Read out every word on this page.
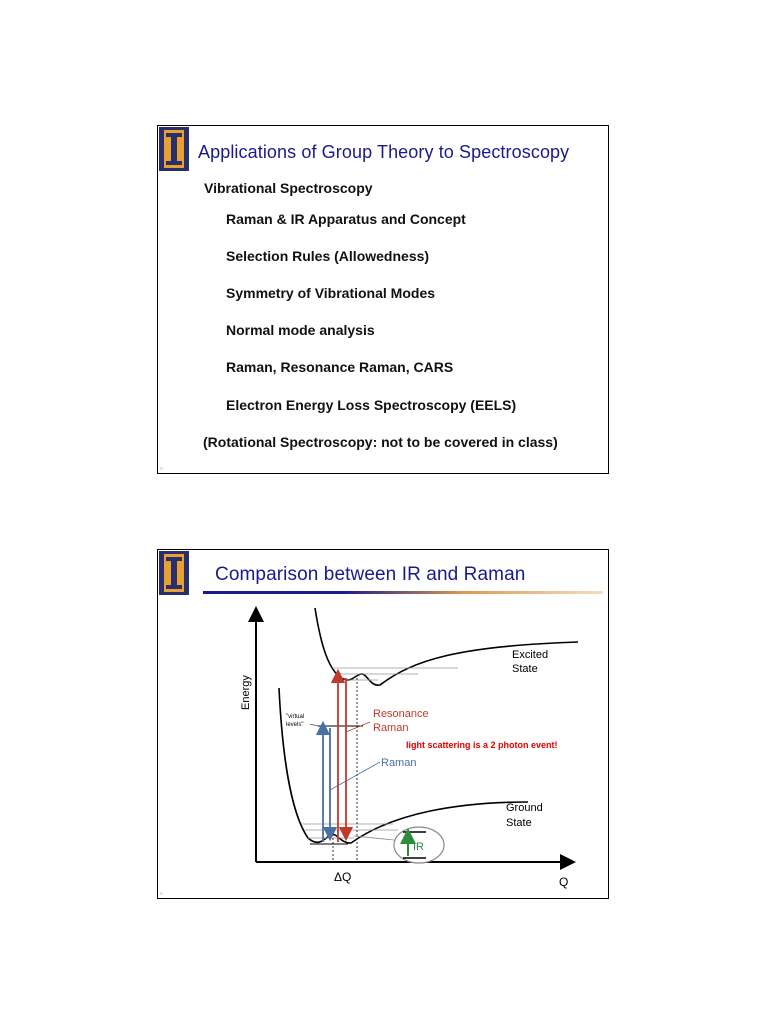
Applications of Group Theory to Spectroscopy
Vibrational Spectroscopy
Raman & IR Apparatus and Concept
Selection Rules (Allowedness)
Symmetry of Vibrational Modes
Normal mode analysis
Raman, Resonance Raman, CARS
Electron Energy Loss Spectroscopy (EELS)
(Rotational Spectroscopy: not to be covered in class)
©
Comparison between IR and Raman
Energy
Q
ΔQ
Excited
State
Ground
State
"virtual
levels"
Resonance
Raman
light scattering is a 2 photon event!
Raman
IR
©
